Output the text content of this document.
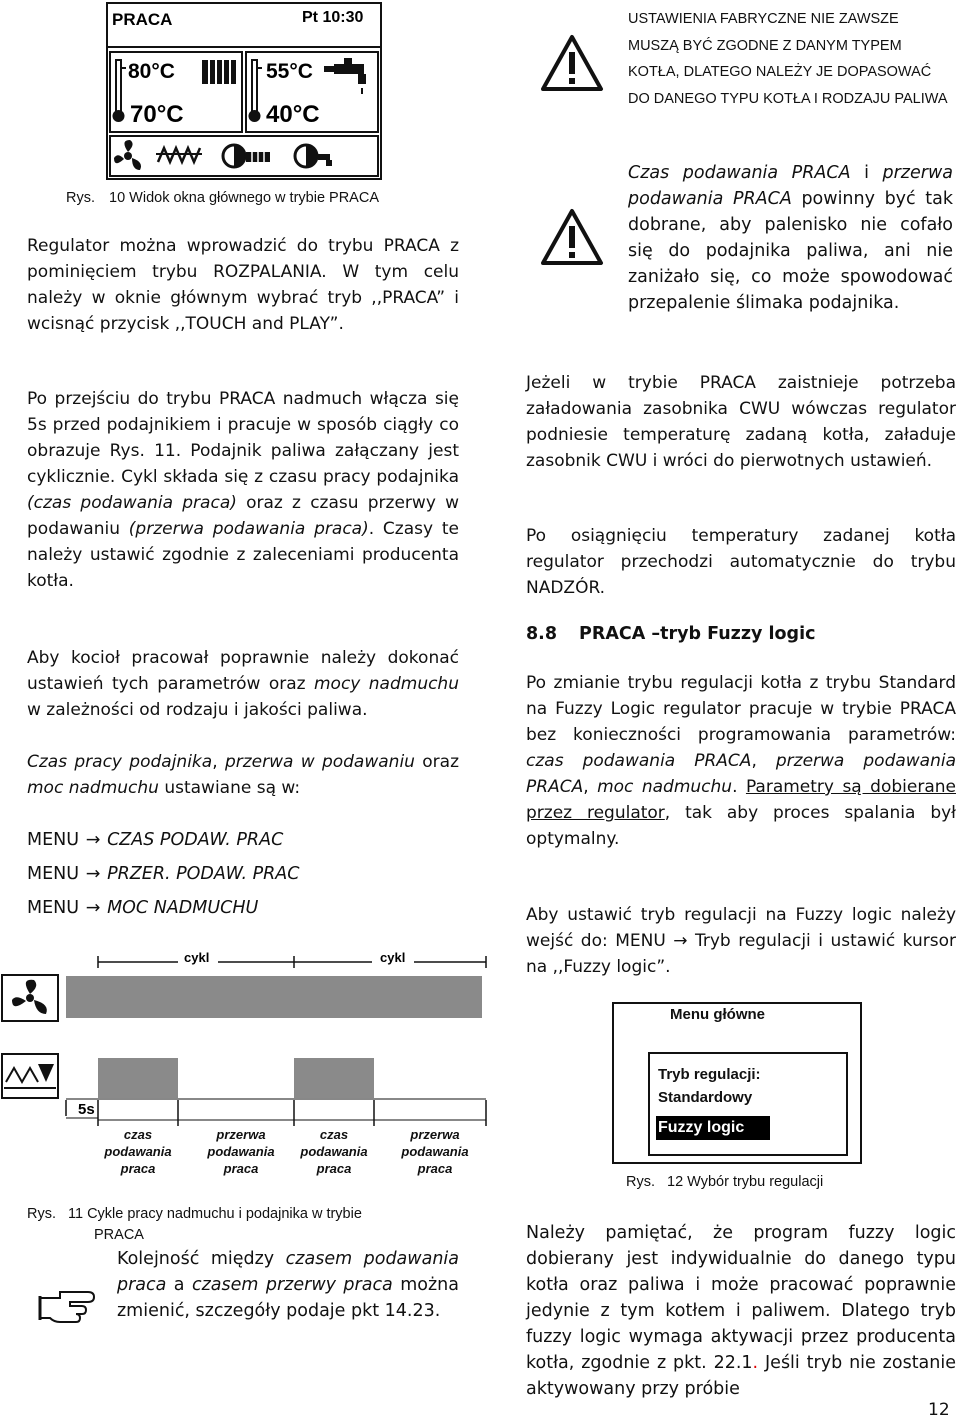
PRACA	Pt 10:30
80°C
70°C
55°C
40°C
Rys. 10 Widok okna głównego w trybie PRACA
Regulator można wprowadzić do trybu PRACA z pominięciem trybu ROZPALANIA. W tym celu należy w oknie głównym wybrać tryb ,,PRACA” i wcisnąć przycisk ,,TOUCH and PLAY”.
Po przejściu do trybu PRACA nadmuch włącza się 5s przed podajnikiem i pracuje w sposób ciągły co obrazuje Rys. 11. Podajnik paliwa załączany jest cyklicznie. Cykl składa się z czasu pracy podajnika (czas podawania praca) oraz z czasu przerwy w podawaniu (przerwa podawania praca). Czasy te należy ustawić zgodnie z zaleceniami producenta kotła.
Aby kocioł pracował poprawnie należy dokonać ustawień tych parametrów oraz mocy nadmuchu w zależności od rodzaju i jakości paliwa.
Czas pracy podajnika, przerwa w podawaniu oraz moc nadmuchu ustawiane są w:
MENU → CZAS PODAW. PRAC
MENU → PRZER. PODAW. PRAC
MENU → MOC NADMUCHU
cykl	cykl
5s
czas podawania praca
przerwa podawania praca
czas podawania praca
przerwa podawania praca
Rys. 11 Cykle pracy nadmuchu i podajnika w trybie
PRACA
Kolejność między czasem podawania praca a czasem przerwy praca można zmienić, szczegóły podaje pkt 14.23.
USTAWIENIA FABRYCZNE NIE ZAWSZE MUSZĄ BYĆ ZGODNE Z DANYM TYPEM KOTŁA, DLATEGO NALEŻY JE DOPASOWAĆ DO DANEGO TYPU KOTŁA I RODZAJU PALIWA
Czas podawania PRACA i przerwa podawania PRACA powinny być tak dobrane, aby palenisko nie cofało się do podajnika paliwa, ani nie zaniżało się, co może spowodować przepalenie ślimaka podajnika.
Jeżeli w trybie PRACA zaistnieje potrzeba załadowania zasobnika CWU wówczas regulator podniesie temperaturę zadaną kotła, załaduje zasobnik CWU i wróci do pierwotnych ustawień.
Po osiągnięciu temperatury zadanej kotła regulator przechodzi automatycznie do trybu NADZÓR.
8.8 PRACA –tryb Fuzzy logic
Po zmianie trybu regulacji kotła z trybu Standard na Fuzzy Logic regulator pracuje w trybie PRACA bez konieczności programowania parametrów: czas podawania PRACA, przerwa podawania PRACA, moc nadmuchu. Parametry są dobierane przez regulator, tak aby proces spalania był optymalny.
Aby ustawić tryb regulacji na Fuzzy logic należy wejść do: MENU → Tryb regulacji i ustawić kursor na ,,Fuzzy logic”.
Menu główne
Tryb regulacji:
Standardowy
Fuzzy logic
Rys. 12 Wybór trybu regulacji
Należy pamiętać, że program fuzzy logic dobierany jest indywidualnie do danego typu kotła oraz paliwa i może pracować poprawnie jedynie z tym kotłem i paliwem. Dlatego tryb fuzzy logic wymaga aktywacji przez producenta kotła, zgodnie z pkt. 22.1. Jeśli tryb nie zostanie aktywowany przy próbie
12
